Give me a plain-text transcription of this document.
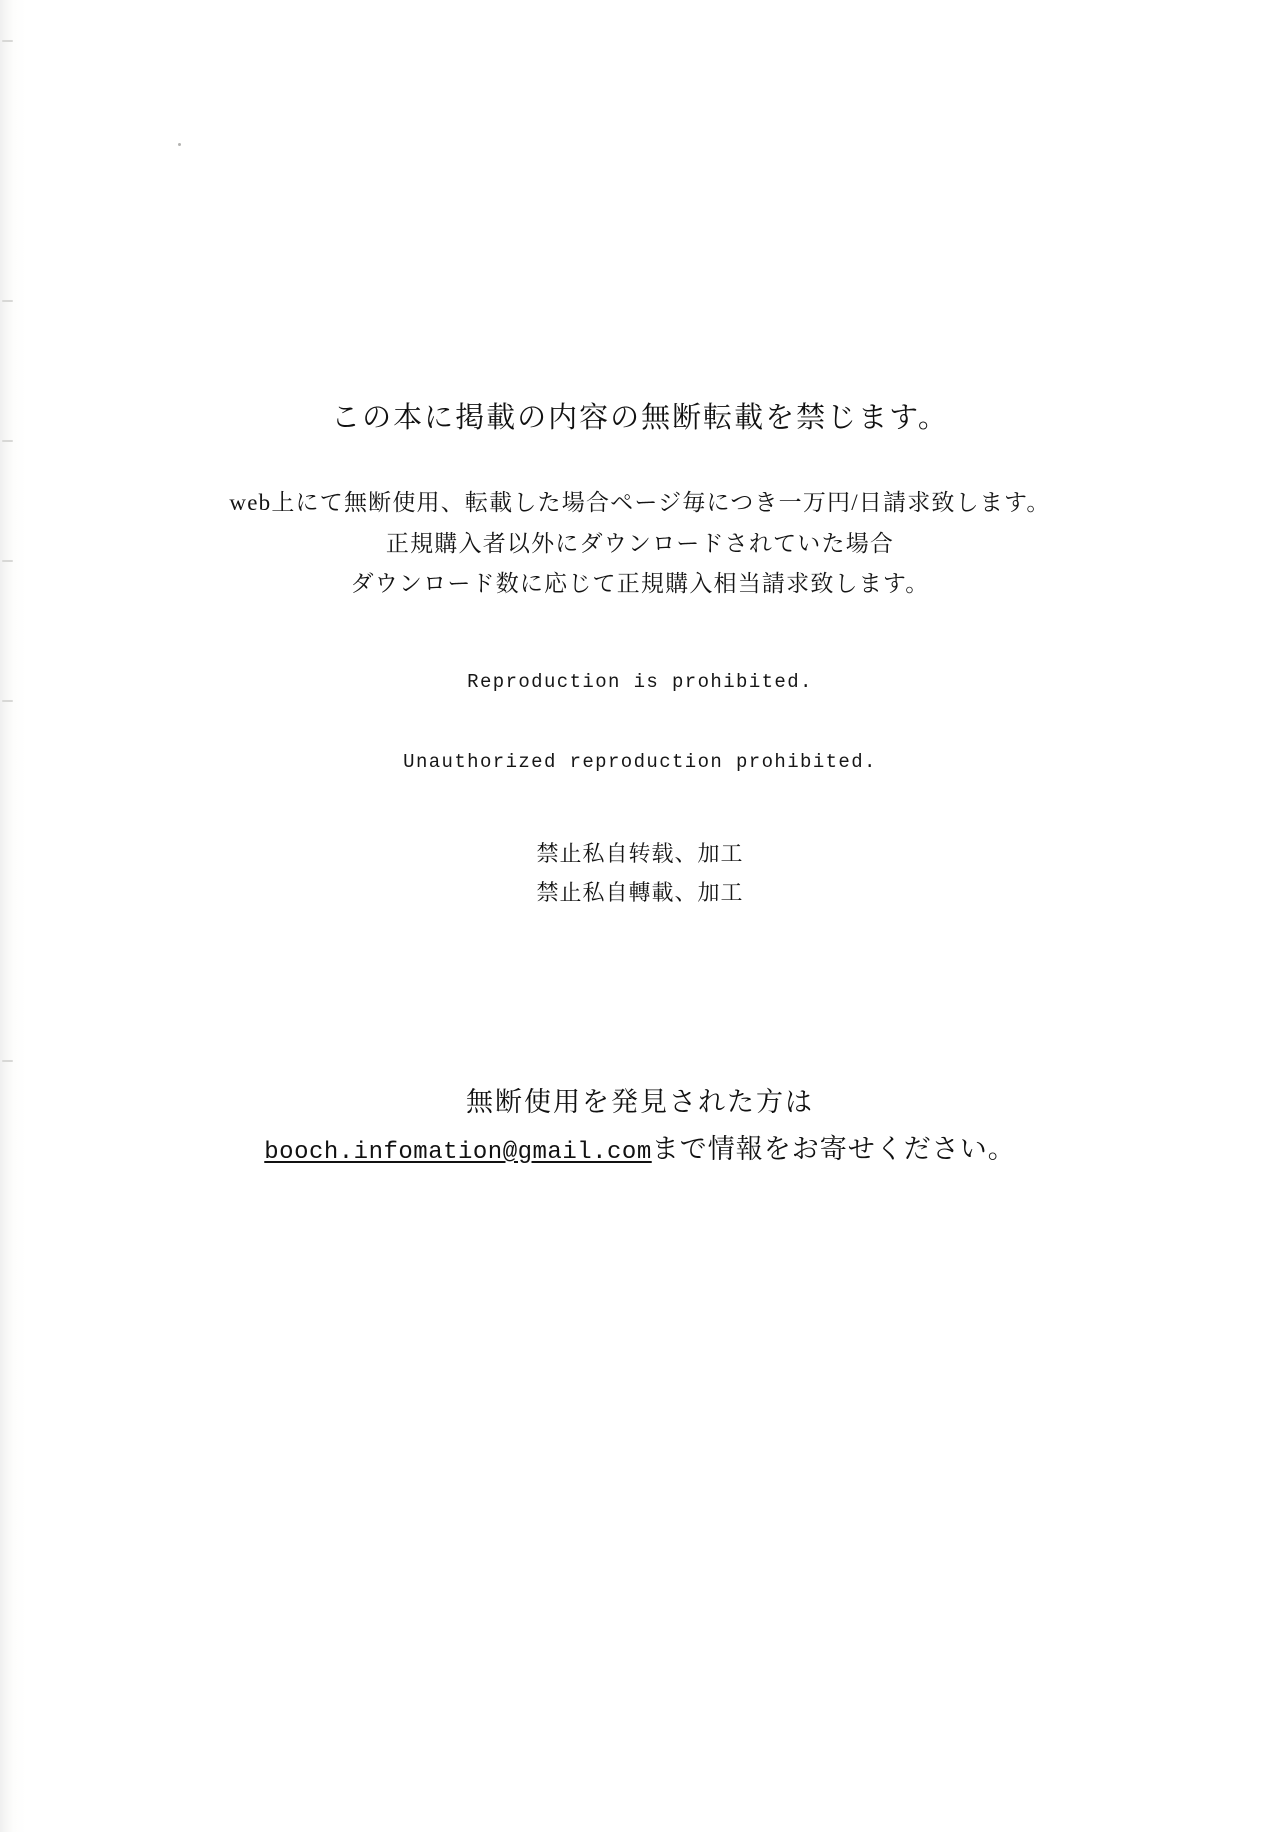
この本に掲載の内容の無断転載を禁じます。

web上にて無断使用、転載した場合ページ毎につき一万円/日請求致します。

正規購入者以外にダウンロードされていた場合

ダウンロード数に応じて正規購入相当請求致します。

Reproduction is prohibited.

Unauthorized reproduction prohibited.

禁止私自转载、加工

禁止私自轉載、加工

無断使用を発見された方は

booch.infomation@gmail.comまで情報をお寄せください。
